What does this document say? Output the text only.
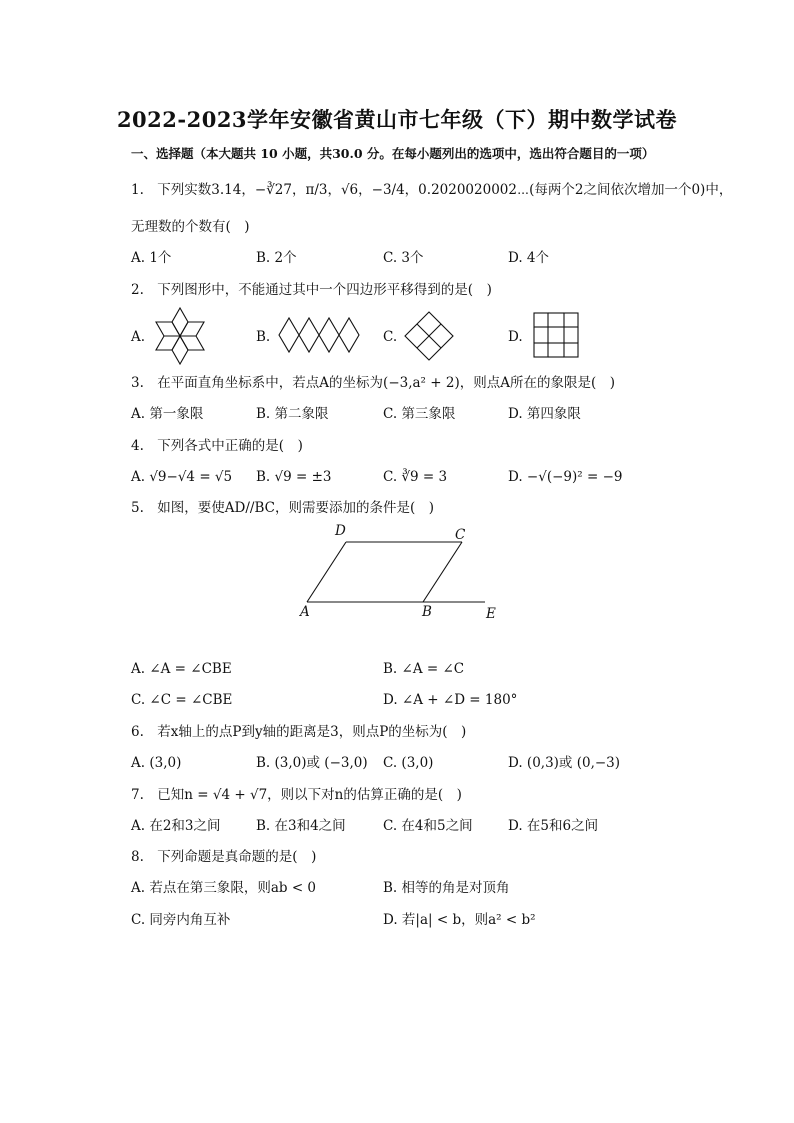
2022-2023学年安徽省黄山市七年级（下）期中数学试卷
一、选择题（本大题共 10 小题，共30.0 分。在每小题列出的选项中，选出符合题目的一项）
1. 下列实数3.14，−∛27，π/3，√6，−3/4，0.2020020002⋯(每两个2之间依次增加一个0)中，
无理数的个数有(　)
A. 1个	B. 2个	C. 3个	D. 4个
2. 下列图形中，不能通过其中一个四边形平移得到的是(　)
A.	B.	C.	D.
3. 在平面直角坐标系中，若点A的坐标为(−3,a² + 2)，则点A所在的象限是(　)
A. 第一象限	B. 第二象限	C. 第三象限	D. 第四象限
4. 下列各式中正确的是(　)
A. √9−√4 = √5 B. √9 = ±3	C. ∛9 = 3	D. −√(−9)² = −9
5. 如图，要使AD//BC，则需要添加的条件是(　)
D	C
A	B	E
A. ∠A = ∠CBE	B. ∠A = ∠C
C. ∠C = ∠CBE	D. ∠A + ∠D = 180°
6. 若x轴上的点P到y轴的距离是3，则点P的坐标为(　)
A. (3,0)	B. (3,0)或 (−3,0) C. (3,0)	D. (0,3)或 (0,−3)
7. 已知n = √4 + √7，则以下对n的估算正确的是(　)
A. 在2和3之间	B. 在3和4之间	C. 在4和5之间	D. 在5和6之间
8. 下列命题是真命题的是(　)
A. 若点在第三象限，则ab < 0	B. 相等的角是对顶角
C. 同旁内角互补	D. 若|a| < b，则a² < b²
